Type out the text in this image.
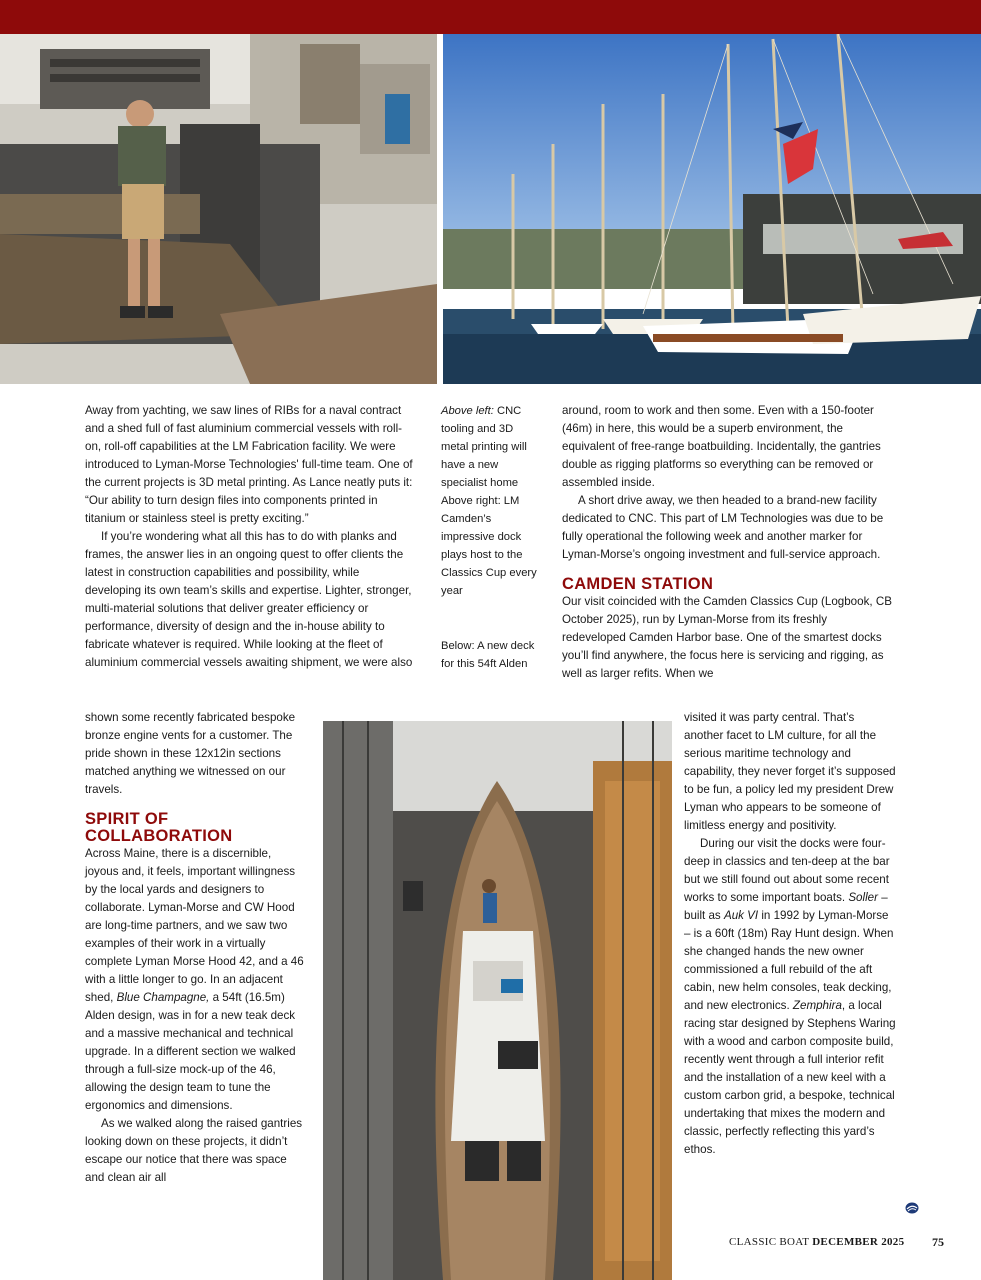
Away from yachting, we saw lines of RIBs for a naval contract and a shed full of fast aluminium commercial vessels with roll-on, roll-off capabilities at the LM Fabrication facility. We were introduced to Lyman-Morse Technologies' full-time team. One of the current projects is 3D metal printing. As Lance neatly puts it: “Our ability to turn design files into components printed in titanium or stainless steel is pretty exciting.”

If you’re wondering what all this has to do with planks and frames, the answer lies in an ongoing quest to offer clients the latest in construction capabilities and possibility, while developing its own team’s skills and expertise. Lighter, stronger, multi-material solutions that deliver greater efficiency or performance, diversity of design and the in-house ability to fabricate whatever is required. While looking at the fleet of aluminium commercial vessels awaiting shipment, we were also

shown some recently fabricated bespoke bronze engine vents for a customer. The pride shown in these 12x12in sections matched anything we witnessed on our travels.

SPIRIT OF COLLABORATION

Across Maine, there is a discernible, joyous and, it feels, important willingness by the local yards and designers to collaborate. Lyman-Morse and CW Hood are long-time partners, and we saw two examples of their work in a virtually complete Lyman Morse Hood 42, and a 46 with a little longer to go. In an adjacent shed, Blue Champagne, a 54ft (16.5m) Alden design, was in for a new teak deck and a massive mechanical and technical upgrade. In a different section we walked through a full-size mock-up of the 46, allowing the design team to tune the ergonomics and dimensions.

As we walked along the raised gantries looking down on these projects, it didn’t escape our notice that there was space and clean air all

Above left: CNC tooling and 3D metal printing will have a new specialist home
Above right: LM Camden’s impressive dock plays host to the Classics Cup every year
Below: A new deck for this 54ft Alden

around, room to work and then some. Even with a 150-footer (46m) in here, this would be a superb environment, the equivalent of free-range boatbuilding. Incidentally, the gantries double as rigging platforms so everything can be removed or assembled inside.

A short drive away, we then headed to a brand-new facility dedicated to CNC. This part of LM Technologies was due to be fully operational the following week and another marker for Lyman-Morse’s ongoing investment and full-service approach.

CAMDEN STATION

Our visit coincided with the Camden Classics Cup (Logbook, CB October 2025), run by Lyman-Morse from its freshly redeveloped Camden Harbor base. One of the smartest docks you’ll find anywhere, the focus here is servicing and rigging, as well as larger refits. When we

visited it was party central. That’s another facet to LM culture, for all the serious maritime technology and capability, they never forget it’s supposed to be fun, a policy led my president Drew Lyman who appears to be someone of limitless energy and positivity.

During our visit the docks were four-deep in classics and ten-deep at the bar but we still found out about some recent works to some important boats. Soller – built as Auk VI in 1992 by Lyman-Morse – is a 60ft (18m) Ray Hunt design. When she changed hands the new owner commissioned a full rebuild of the aft cabin, new helm consoles, teak decking, and new electronics. Zemphira, a local racing star designed by Stephens Waring with a wood and carbon composite build, recently went through a full interior refit and the installation of a new keel with a custom carbon grid, a bespoke, technical undertaking that mixes the modern and classic, perfectly reflecting this yard’s ethos.

CLASSIC BOAT DECEMBER 2025 75
